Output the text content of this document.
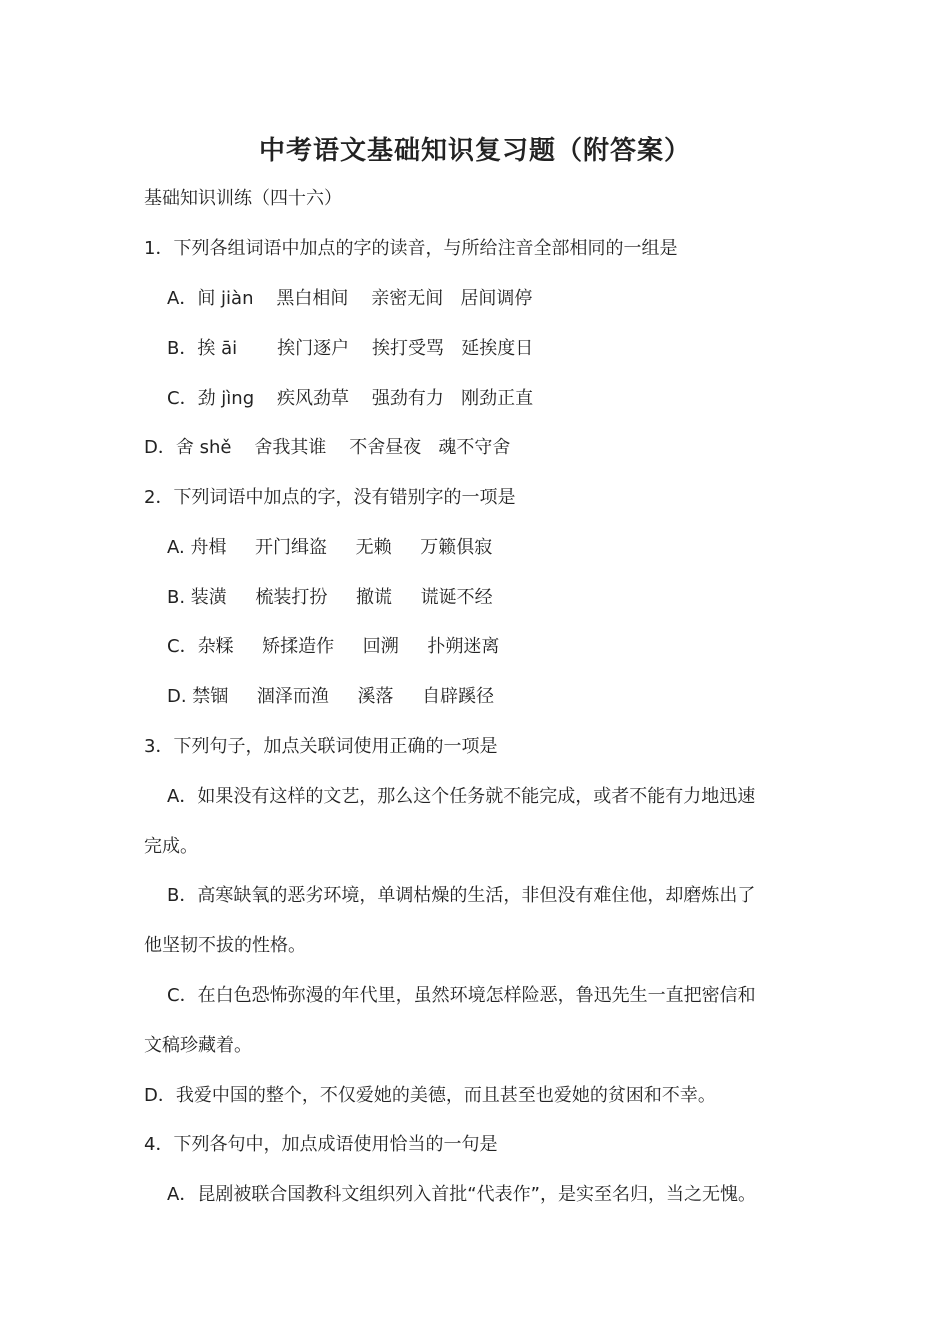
中考语文基础知识复习题（附答案）
基础知识训练（四十六）
1．下列各组词语中加点的字的读音，与所给注音全部相同的一组是
A．间 jiàn    黑白相间    亲密无间   居间调停
B．挨 āi       挨门逐户    挨打受骂   延挨度日
C．劲 jìng    疾风劲草    强劲有力   刚劲正直
D．舍 shě    舍我其谁    不舍昼夜   魂不守舍
2．下列词语中加点的字，没有错别字的一项是
A. 舟楫     开门缉盗     无赖     万籁俱寂
B. 装潢     梳装打扮     撤谎     谎诞不经
C．杂糅     矫揉造作     回溯     扑朔迷离
D. 禁锢     涸泽而渔     溪落     自辟蹊径
3．下列句子，加点关联词使用正确的一项是
A．如果没有这样的文艺，那么这个任务就不能完成，或者不能有力地迅速
完成。
B．高寒缺氧的恶劣环境，单调枯燥的生活，非但没有难住他，却磨炼出了
他坚韧不拔的性格。
C．在白色恐怖弥漫的年代里，虽然环境怎样险恶，鲁迅先生一直把密信和
文稿珍藏着。
D．我爱中国的整个，不仅爱她的美德，而且甚至也爱她的贫困和不幸。
4．下列各句中，加点成语使用恰当的一句是
A．昆剧被联合国教科文组织列入首批“代表作”，是实至名归，当之无愧。
